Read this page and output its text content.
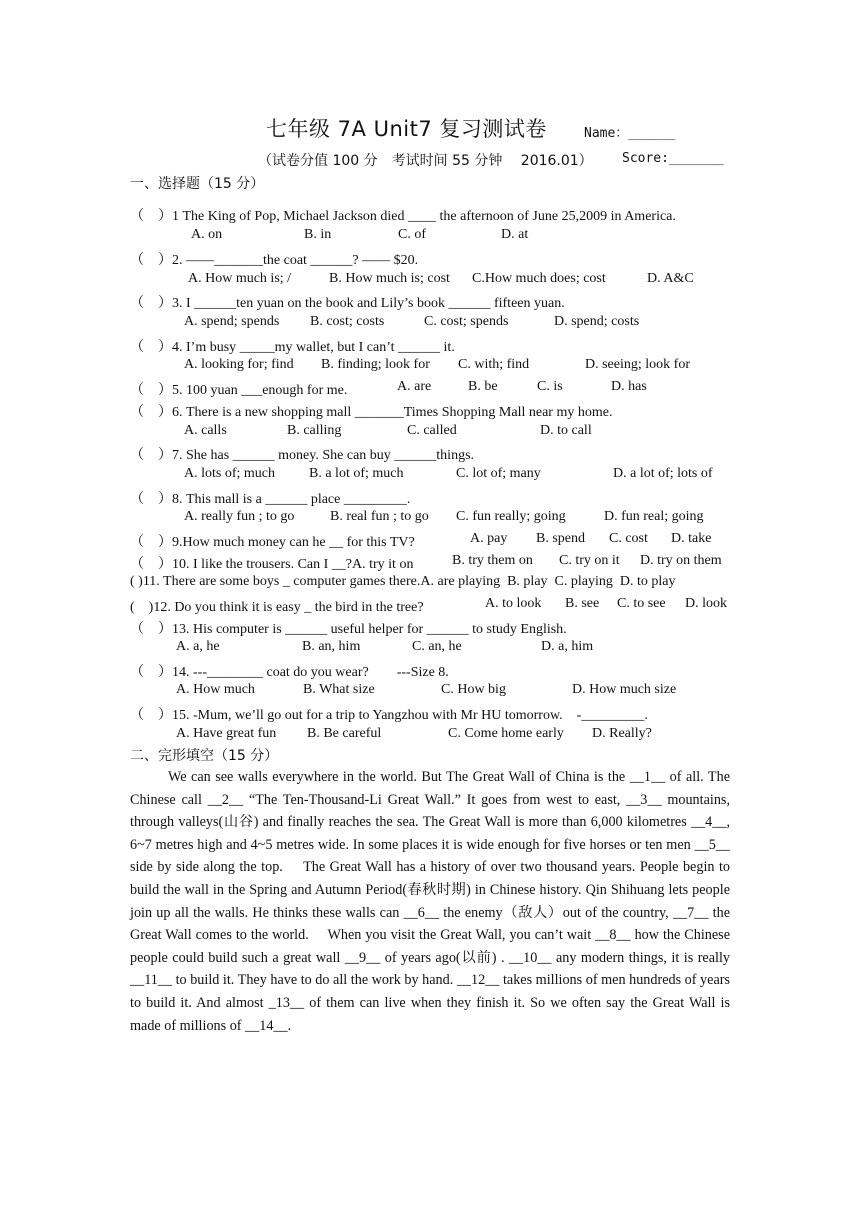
七年级 7A Unit7 复习测试卷	Name：______
（试卷分值 100 分　考试时间 55 分钟　 2016.01） Score:_______
一、选择题（15 分）
（　）1 The King of Pop, Michael Jackson died ____ the afternoon of June 25,2009 in America.
A. on	B. in	C. of	D. at
（　）2. ——_______the coat ______? —— $20.
A. How much is; /	B. How much is; cost C.How much does; cost	D. A&C
（　）3. I ______ten yuan on the book and Lily’s book ______ fifteen yuan.
A. spend; spends B. cost; costs	C. cost; spends	D. spend; costs
（　）4. I’m busy _____my wallet, but I can’t ______ it.
A. looking for; find B. finding; look for C. with; find	D. seeing; look for
（　）5. 100 yuan ___enough for me.	A. are	B. be	C. is	D. has
（　）6. There is a new shopping mall _______Times Shopping Mall near my home.
A. calls	B. calling	C. called	D. to call
（　）7. She has ______ money. She can buy ______things.
A. lots of; much B. a lot of; much	C. lot of; many	D. a lot of; lots of
（　）8. This mall is a ______ place _________.
A. really fun ; to go	B. real fun ; to go C. fun really; going	D. fun real; going
（　）9.How much money can he __ for this TV?	A. pay B. spend C. cost D. take
（　）10. I like the trousers. Can I __?A. try it on	B. try them on C. try on it D. try on them
( )11. There are some boys _ computer games there.A. are playing  B. play  C. playing  D. to play
(　)12. Do you think it is easy _ the bird in the tree?	A. to look B. see C. to see D. look
（　）13. His computer is ______ useful helper for ______ to study English.
A. a, he	B. an, him	C. an, he	D. a, him
（　）14. ---________ coat do you wear?　　---Size 8.
A. How much	B. What size	C. How big	D. How much size
（　）15. -Mum, we’ll go out for a trip to Yangzhou with Mr HU tomorrow.　-_________.
A. Have great fun B. Be careful	C. Come home early D. Really?
二、完形填空（15 分）

We can see walls everywhere in the world. But The Great Wall of China is the __1__ of all. The Chinese call __2__ “The Ten-Thousand-Li Great Wall.” It goes from west to east, __3__ mountains, through valleys(山谷) and finally reaches the sea. The Great Wall is more than 6,000 kilometres __4__, 6~7 metres high and 4~5 metres wide. In some places it is wide enough for five horses or ten men __5__ side by side along the top.　 The Great Wall has a history of over two thousand years. People begin to build the wall in the Spring and Autumn Period(春秋时期) in Chinese history. Qin Shihuang lets people join up all the walls. He thinks these walls can __6__ the enemy（敌人）out of the country, __7__ the Great Wall comes to the world.　 When you visit the Great Wall, you can’t wait __8__ how the Chinese people could build such a great wall __9__ of years ago(以前) . __10__ any modern things, it is really __11__ to build it. They have to do all the work by hand. __12__ takes millions of men hundreds of years to build it. And almost _13__ of them can live when they finish it. So we often say the Great Wall is made of millions of __14__.
